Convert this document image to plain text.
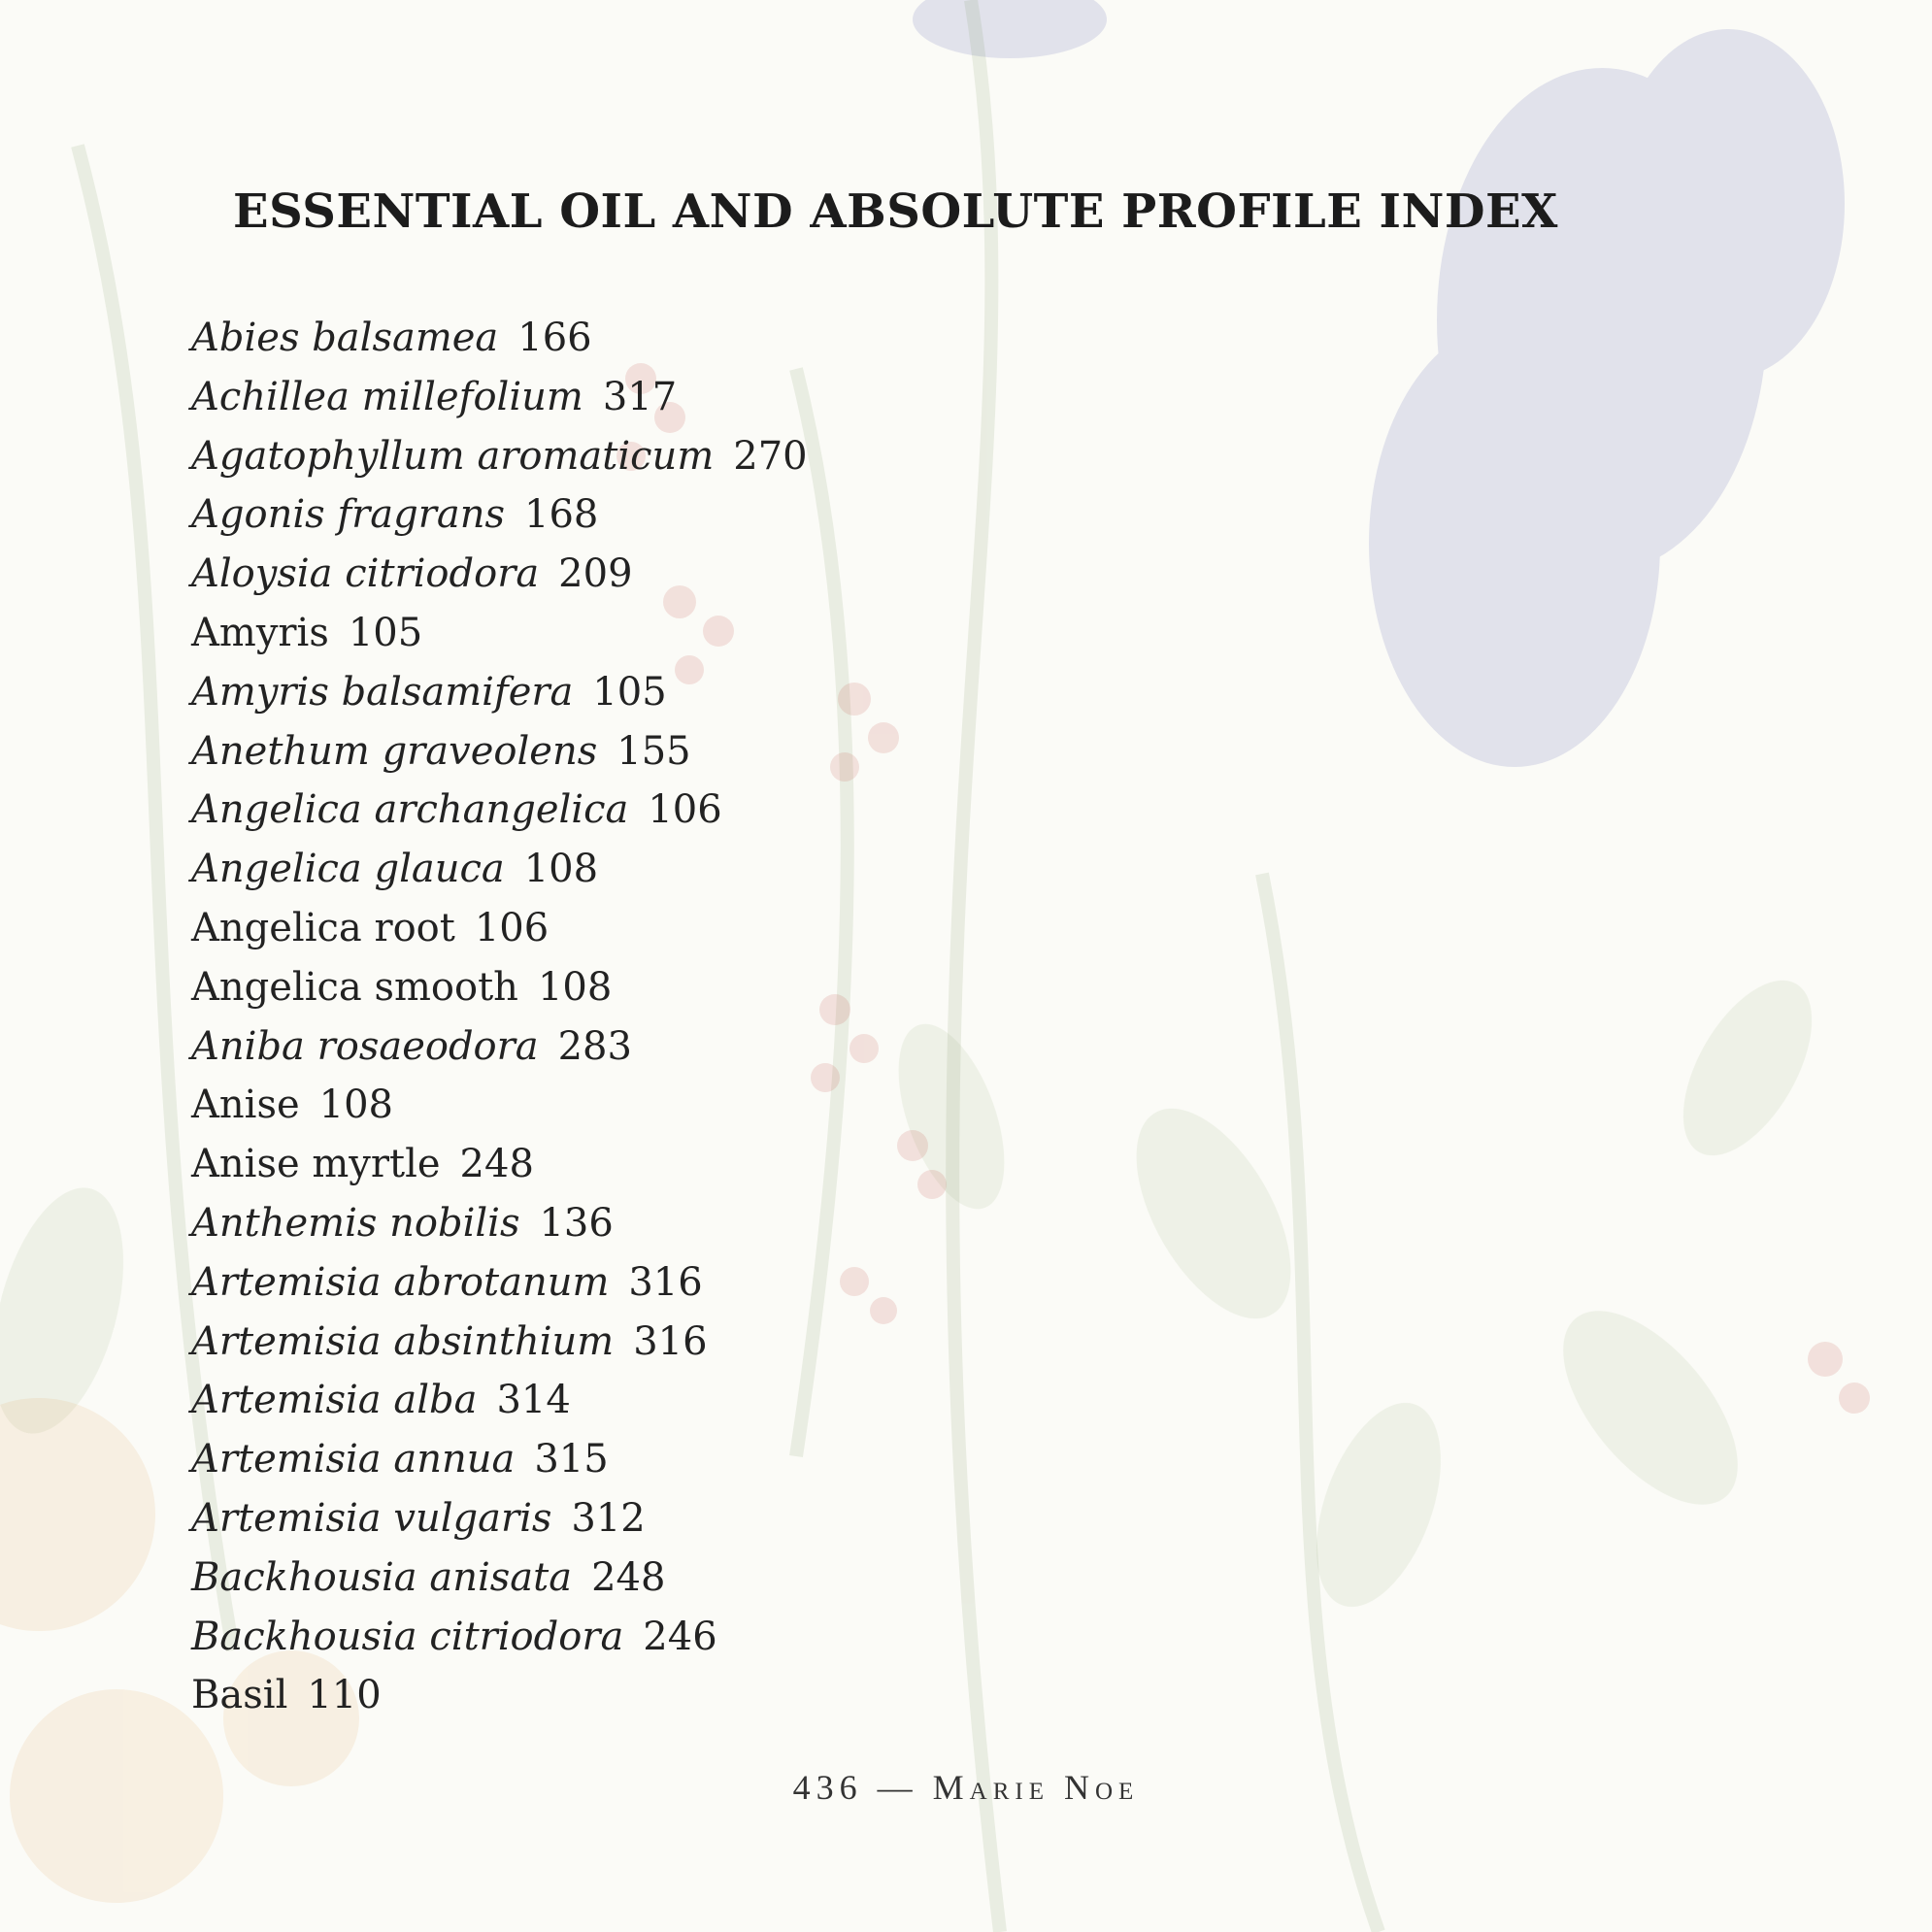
ESSENTIAL OIL AND ABSOLUTE PROFILE INDEX
Abies balsamea 166
Achillea millefolium 317
Agatophyllum aromaticum 270
Agonis fragrans 168
Aloysia citriodora 209
Amyris 105
Amyris balsamifera 105
Anethum graveolens 155
Angelica archangelica 106
Angelica glauca 108
Angelica root 106
Angelica smooth 108
Aniba rosaeodora 283
Anise 108
Anise myrtle 248
Anthemis nobilis 136
Artemisia abrotanum 316
Artemisia absinthium 316
Artemisia alba 314
Artemisia annua 315
Artemisia vulgaris 312
Backhousia anisata 248
Backhousia citriodora 246
Basil 110
436 — Marie Noe
